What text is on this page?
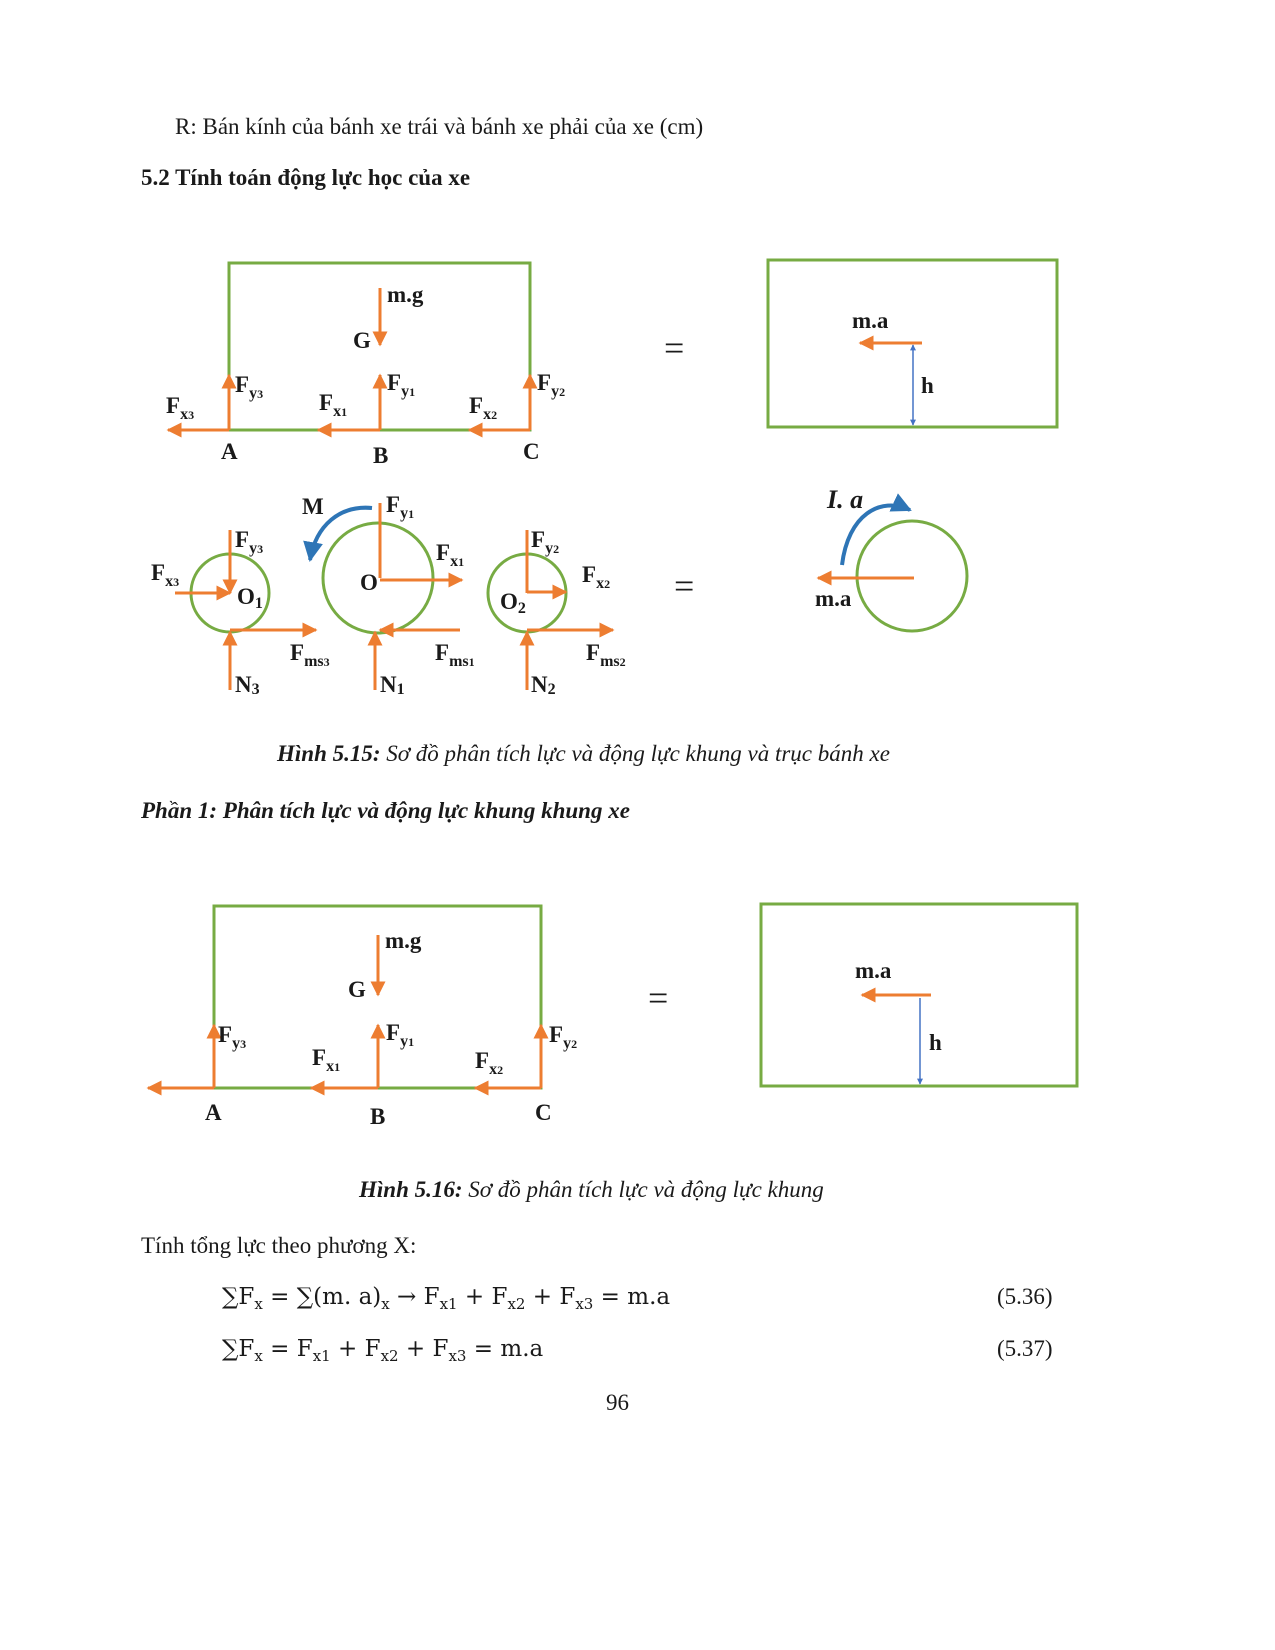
R: Bán kính của bánh xe trái và bánh xe phải của xe (cm)
5.2 Tính toán động lực học của xe
m.g
G
$F_y3$	$F_y1$	$F_y2$
$F_x3$	$F_x1$	$F_x2$
A	B	C
=
m.a
h
$F_y3$
$F_x3$
O1
$F_{ms}3$
N3
$F_y1$
$F_x1$
O
$F_{ms}1$
N1
M
$F_y2$
$F_x2$
O2
$F_{ms}2$
N2
=	m.a
I. a
Hình 5.15: Sơ đồ phân tích lực và động lực khung và trục bánh xe
Phần 1: Phân tích lực và động lực khung khung xe
m.g
G
$F_y3$	$F_y1$	$F_y2$
$F_x1$	$F_x2$
A	B	C
=
m.a
h
Hình 5.16: Sơ đồ phân tích lực và động lực khung
Tính tổng lực theo phương X:
$\sum F_x = \sum(m$. $a)_x \to F_{x1} + F_{x2} + F_{x3} = m.a$	(5.36)
$\sum F_x = F_{x1} + F_{x2} + F_{x3} = m.a$	(5.37)
96
